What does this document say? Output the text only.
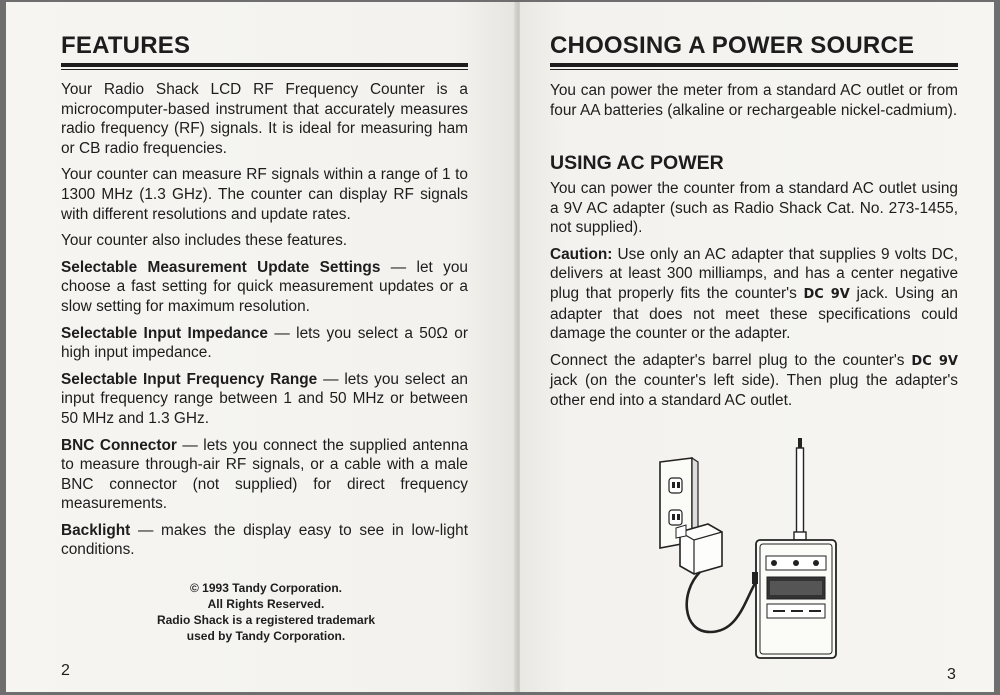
FEATURES

Your Radio Shack LCD RF Frequency Counter is a microcomputer-based instrument that accurately measures radio frequency (RF) signals. It is ideal for measuring ham or CB radio frequencies.

Your counter can measure RF signals within a range of 1 to 1300 MHz (1.3 GHz). The counter can display RF signals with different resolutions and update rates.

Your counter also includes these features.

Selectable Measurement Update Settings — let you choose a fast setting for quick measurement updates or a slow setting for maximum resolution.

Selectable Input Impedance — lets you select a 50Ω or high input impedance.

Selectable Input Frequency Range — lets you select an input frequency range between 1 and 50 MHz or between 50 MHz and 1.3 GHz.

BNC Connector — lets you connect the supplied antenna to measure through-air RF signals, or a cable with a male BNC connector (not supplied) for direct frequency measurements.

Backlight — makes the display easy to see in low-light conditions.

© 1993 Tandy Corporation.
All Rights Reserved.
Radio Shack is a registered trademark
used by Tandy Corporation.
2
CHOOSING A POWER SOURCE

You can power the meter from a standard AC outlet or from four AA batteries (alkaline or rechargeable nickel-cadmium).

USING AC POWER

You can power the counter from a standard AC outlet using a 9V AC adapter (such as Radio Shack Cat. No. 273-1455, not supplied).

Caution: Use only an AC adapter that supplies 9 volts DC, delivers at least 300 milliamps, and has a center negative plug that properly fits the counter's DC 9V jack. Using an adapter that does not meet these specifications could damage the counter or the adapter.

Connect the adapter's barrel plug to the counter's DC 9V jack (on the counter's left side). Then plug the adapter's other end into a standard AC outlet.

3
